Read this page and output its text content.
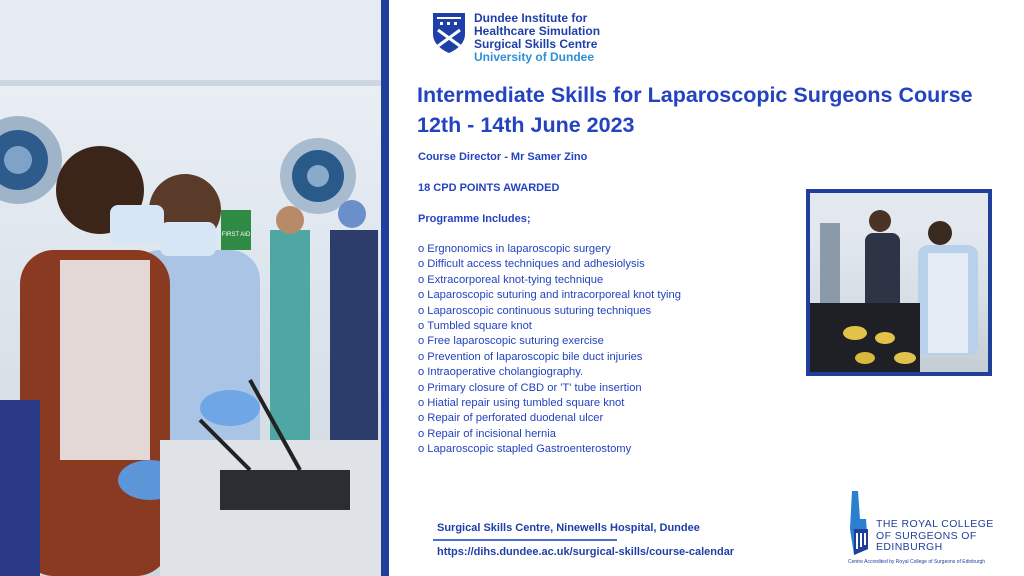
FIRST AID
Dundee Institute for
Healthcare Simulation
Surgical Skills Centre
University of Dundee
Intermediate Skills for Laparoscopic Surgeons Course
12th - 14th June 2023
Course Director - Mr Samer Zino
18 CPD POINTS AWARDED
Programme Includes;
o Ergnonomics in laparoscopic surgery
o Difficult access techniques and adhesiolysis
o Extracorporeal knot-tying technique
o Laparoscopic suturing and intracorporeal knot tying
o Laparoscopic continuous suturing techniques
o Tumbled square knot
o Free laparoscopic suturing exercise
o Prevention of laparoscopic bile duct injuries
o Intraoperative cholangiography.
o Primary closure of CBD or 'T' tube insertion
o Hiatial repair using tumbled square knot
o Repair of perforated duodenal ulcer
o Repair of incisional hernia
o Laparoscopic stapled Gastroenterostomy
Surgical Skills Centre, Ninewells Hospital, Dundee
https://dihs.dundee.ac.uk/surgical-skills/course-calendar
THE ROYAL COLLEGE
OF SURGEONS OF
EDINBURGH
Centre Accredited by Royal College of Surgeons of Edinburgh
